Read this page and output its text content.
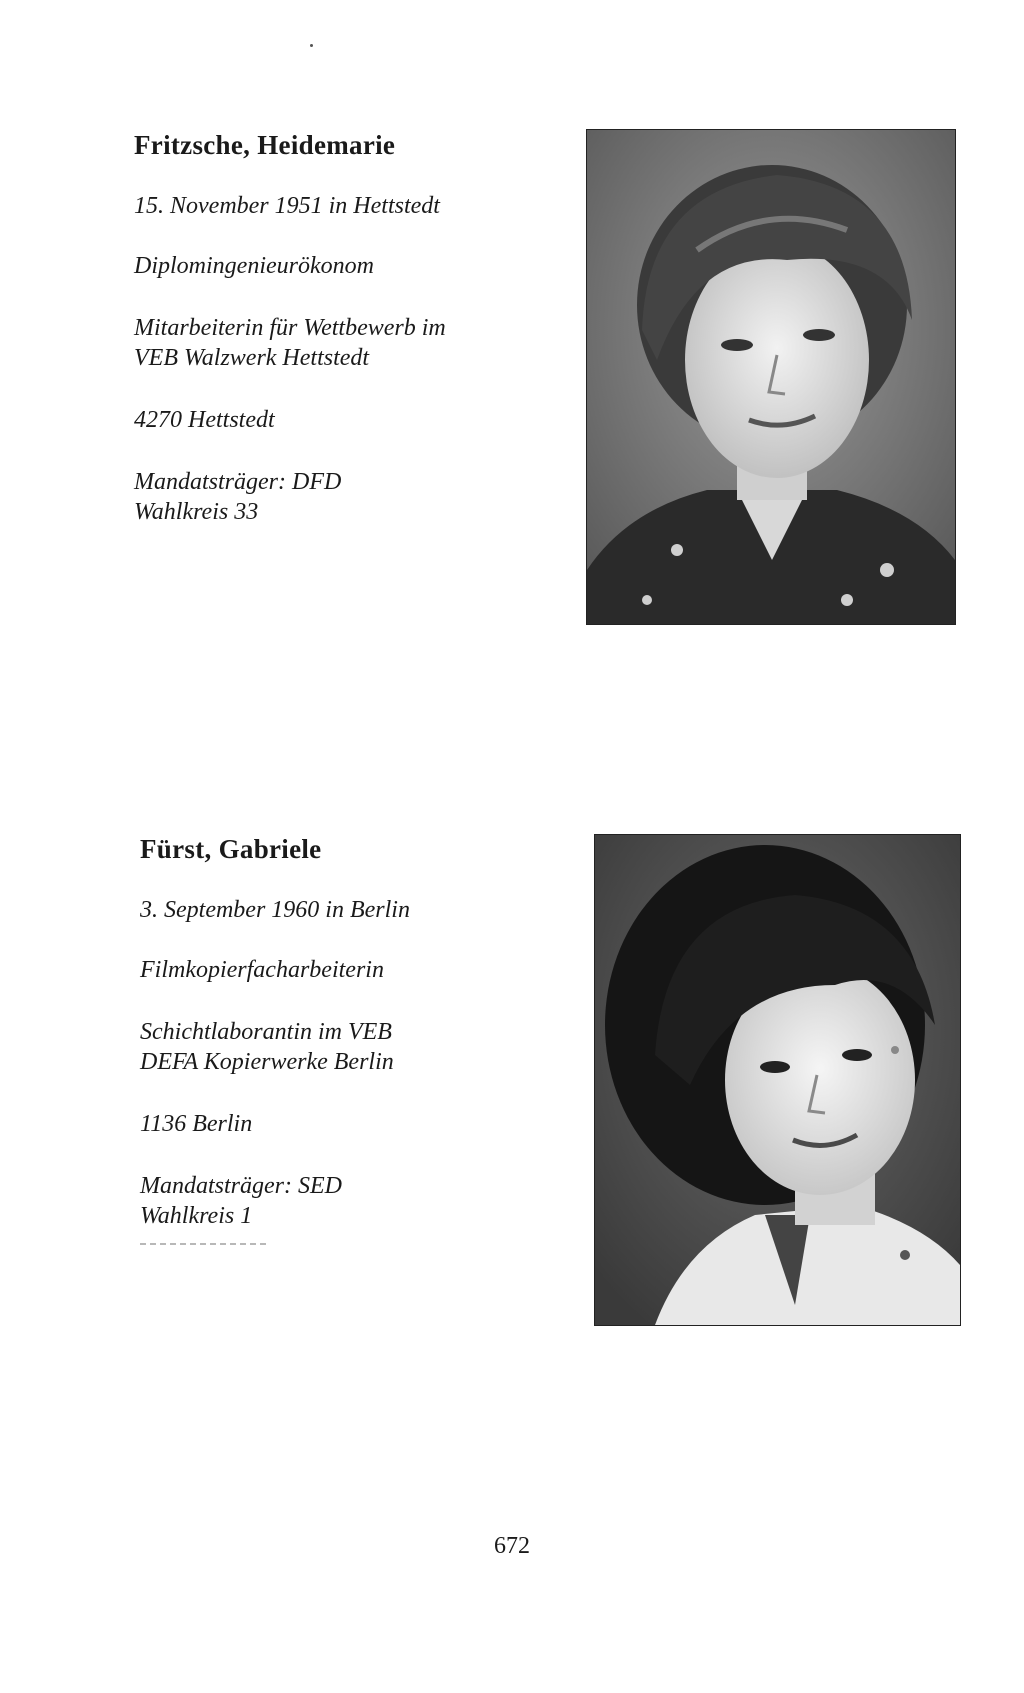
Fritzsche, Heidemarie
15. November 1951 in Hettstedt
Diplomingenieurökonom
Mitarbeiterin für Wettbewerb im
VEB Walzwerk Hettstedt
4270 Hettstedt
Mandatsträger: DFD
Wahlkreis 33
Fürst, Gabriele
3. September 1960 in Berlin
Filmkopierfacharbeiterin
Schichtlaborantin im VEB
DEFA Kopierwerke Berlin
1136 Berlin
Mandatsträger: SED
Wahlkreis 1
672
